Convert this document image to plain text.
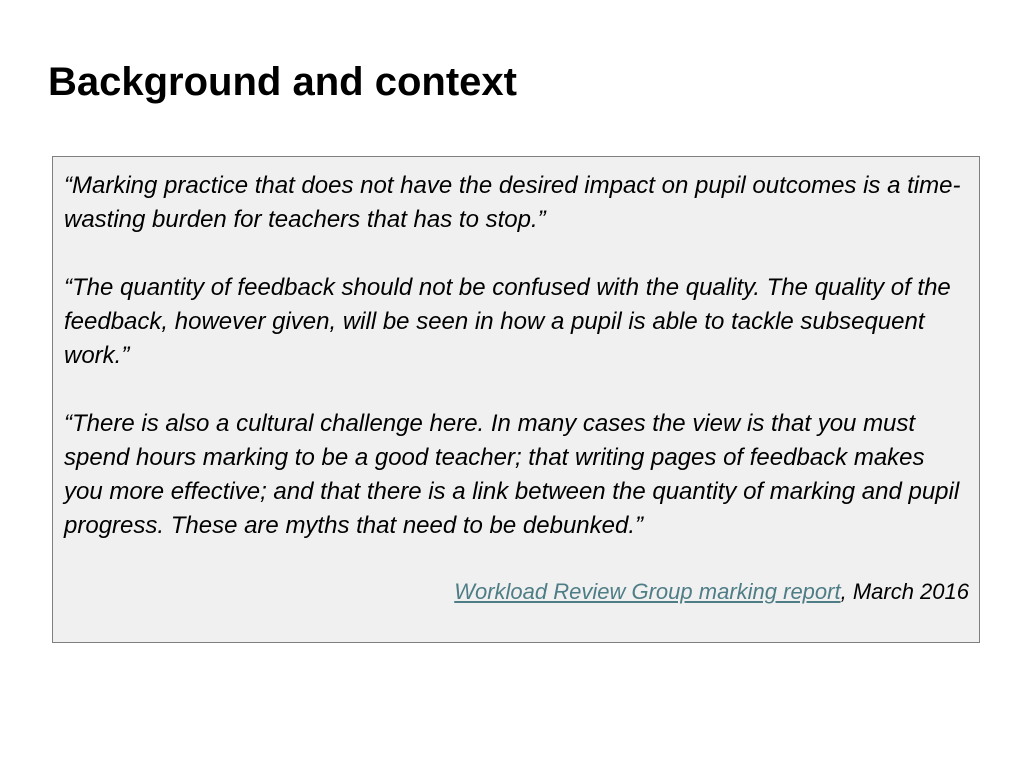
Background and context

“Marking practice that does not have the desired impact on pupil outcomes is a time-wasting burden for teachers that has to stop.”

“The quantity of feedback should not be confused with the quality. The quality of the feedback, however given, will be seen in how a pupil is able to tackle subsequent work.”

“There is also a cultural challenge here. In many cases the view is that you must spend hours marking to be a good teacher; that writing pages of feedback makes you more effective; and that there is a link between the quantity of marking and pupil progress. These are myths that need to be debunked.”

Workload Review Group marking report, March 2016
